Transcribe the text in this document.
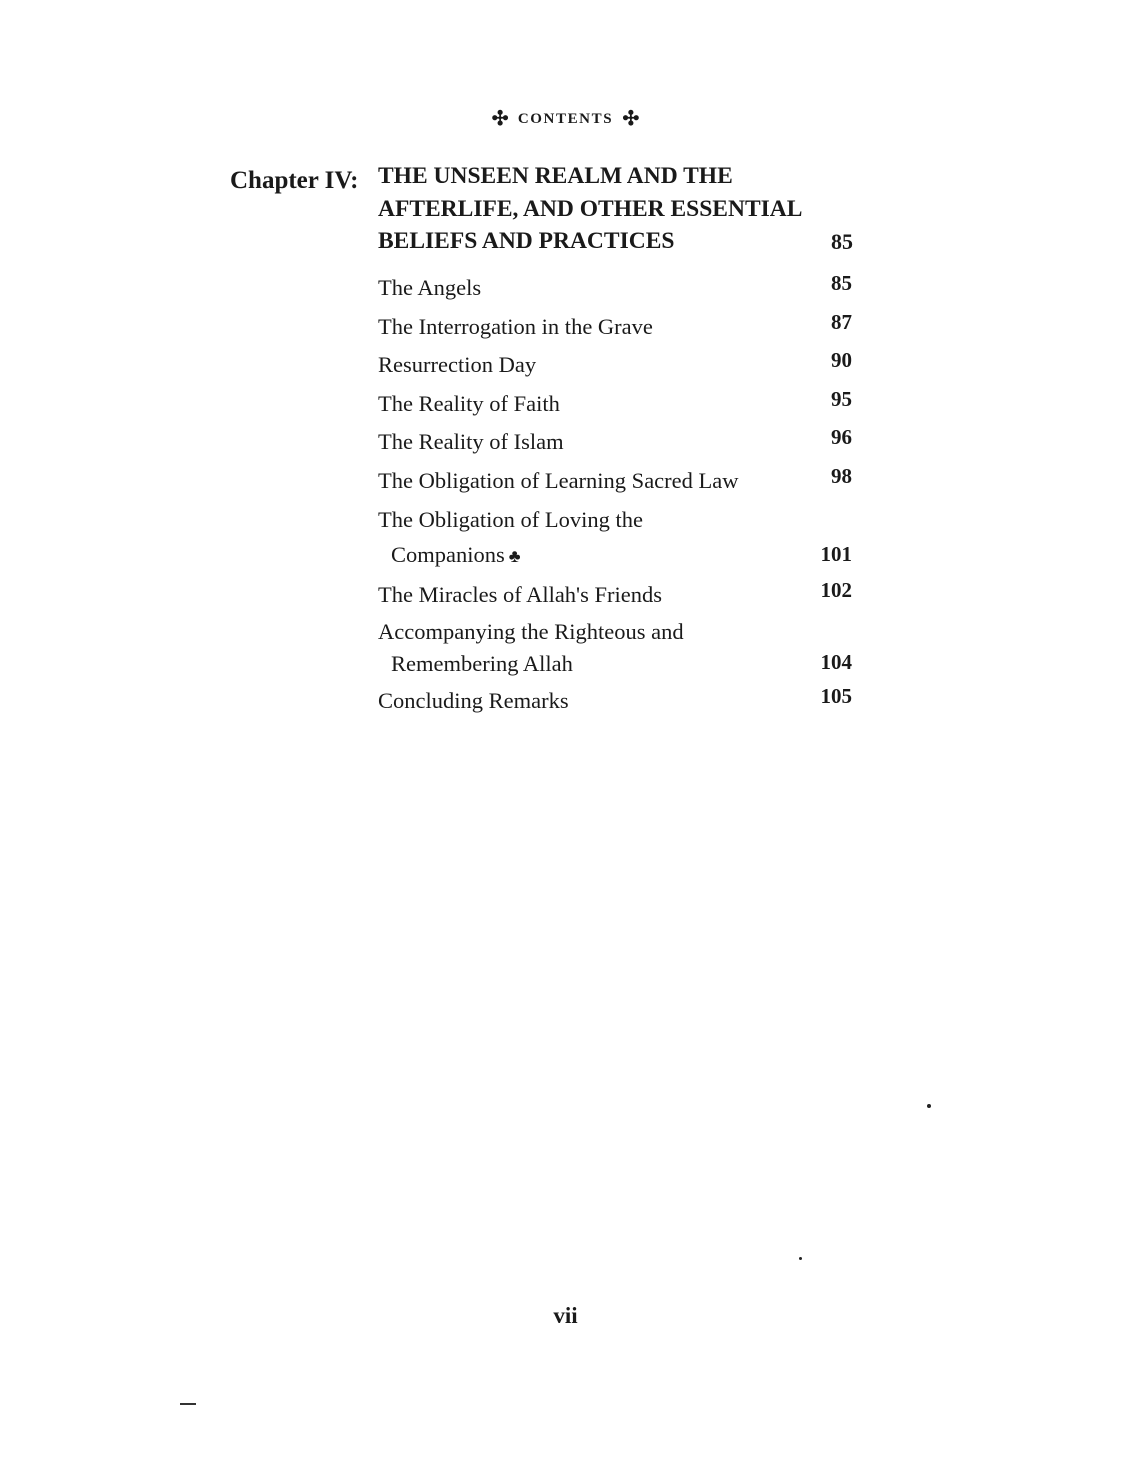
✣ CONTENTS ✣
Chapter IV: THE UNSEEN REALM AND THE
AFTERLIFE, AND OTHER ESSENTIAL
BELIEFS AND PRACTICES	85
The Angels	85
The Interrogation in the Grave	87
Resurrection Day	90
The Reality of Faith	95
The Reality of Islam	96
The Obligation of Learning Sacred Law	98
The Obligation of Loving the
Companions ♣	101
The Miracles of Allah's Friends	102
Accompanying the Righteous and
Remembering Allah	104
Concluding Remarks	105
vii
